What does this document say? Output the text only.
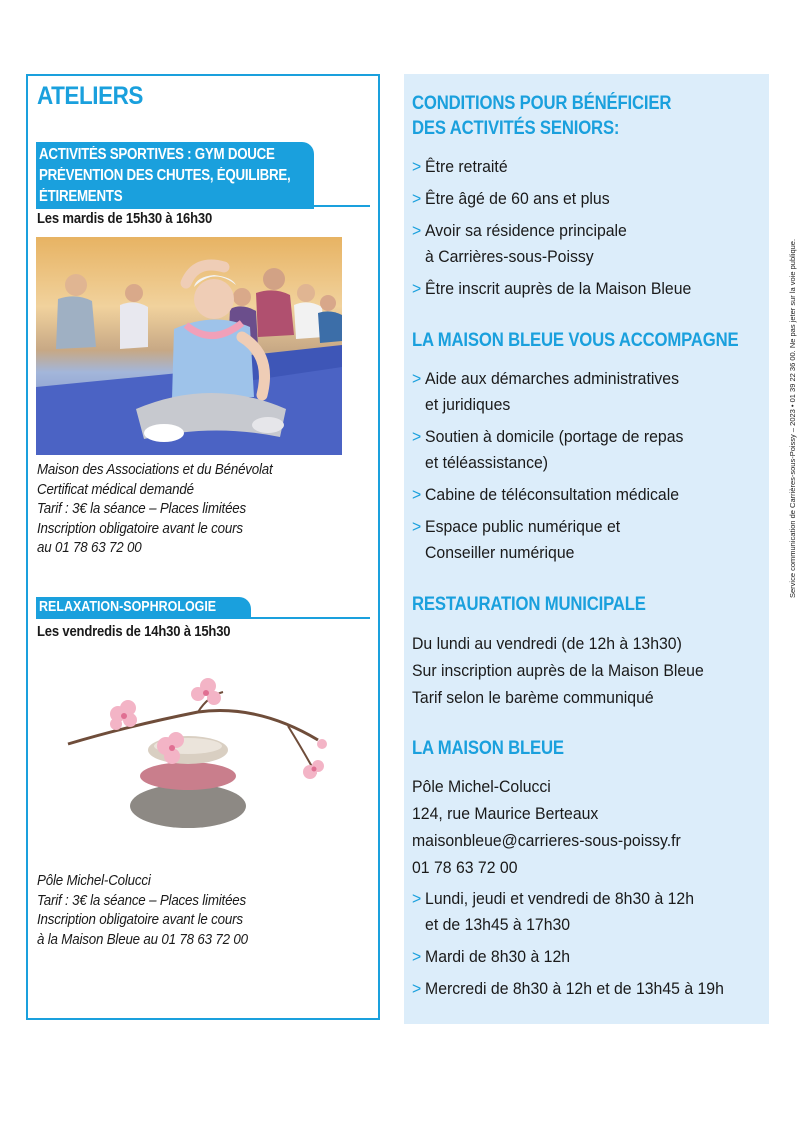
ATELIERS
ACTIVITÉS SPORTIVES : GYM DOUCE
PRÉVENTION DES CHUTES, ÉQUILIBRE,
ÉTIREMENTS

Les mardis de 15h30 à 16h30

Maison des Associations et du Bénévolat
Certificat médical demandé
Tarif : 3€ la séance – Places limitées
Inscription obligatoire avant le cours
au 01 78 63 72 00
RELAXATION-SOPHROLOGIE

Les vendredis de 14h30 à 15h30

Pôle Michel-Colucci
Tarif : 3€ la séance – Places limitées
Inscription obligatoire avant le cours
à la Maison Bleue au 01 78 63 72 00
CONDITIONS POUR BÉNÉFICIER
DES ACTIVITÉS SENIORS:
> Être retraité
> Être âgé de 60 ans et plus
> Avoir sa résidence principale
à Carrières-sous-Poissy
> Être inscrit auprès de la Maison Bleue
LA MAISON BLEUE VOUS ACCOMPAGNE
> Aide aux démarches administratives
et juridiques
> Soutien à domicile (portage de repas
et téléassistance)
> Cabine de téléconsultation médicale
> Espace public numérique et
Conseiller numérique
RESTAURATION MUNICIPALE
Du lundi au vendredi (de 12h à 13h30)
Sur inscription auprès de la Maison Bleue
Tarif selon le barème communiqué
LA MAISON BLEUE
Pôle Michel-Colucci
124, rue Maurice Berteaux
maisonbleue@carrieres-sous-poissy.fr
01 78 63 72 00
> Lundi, jeudi et vendredi de 8h30 à 12h
et de 13h45 à 17h30
> Mardi de 8h30 à 12h
> Mercredi de 8h30 à 12h et de 13h45 à 19h
Service communication de Carrières-sous-Poissy – 2023 • 01 39 22 36 00. Ne pas jeter sur la voie publique.
